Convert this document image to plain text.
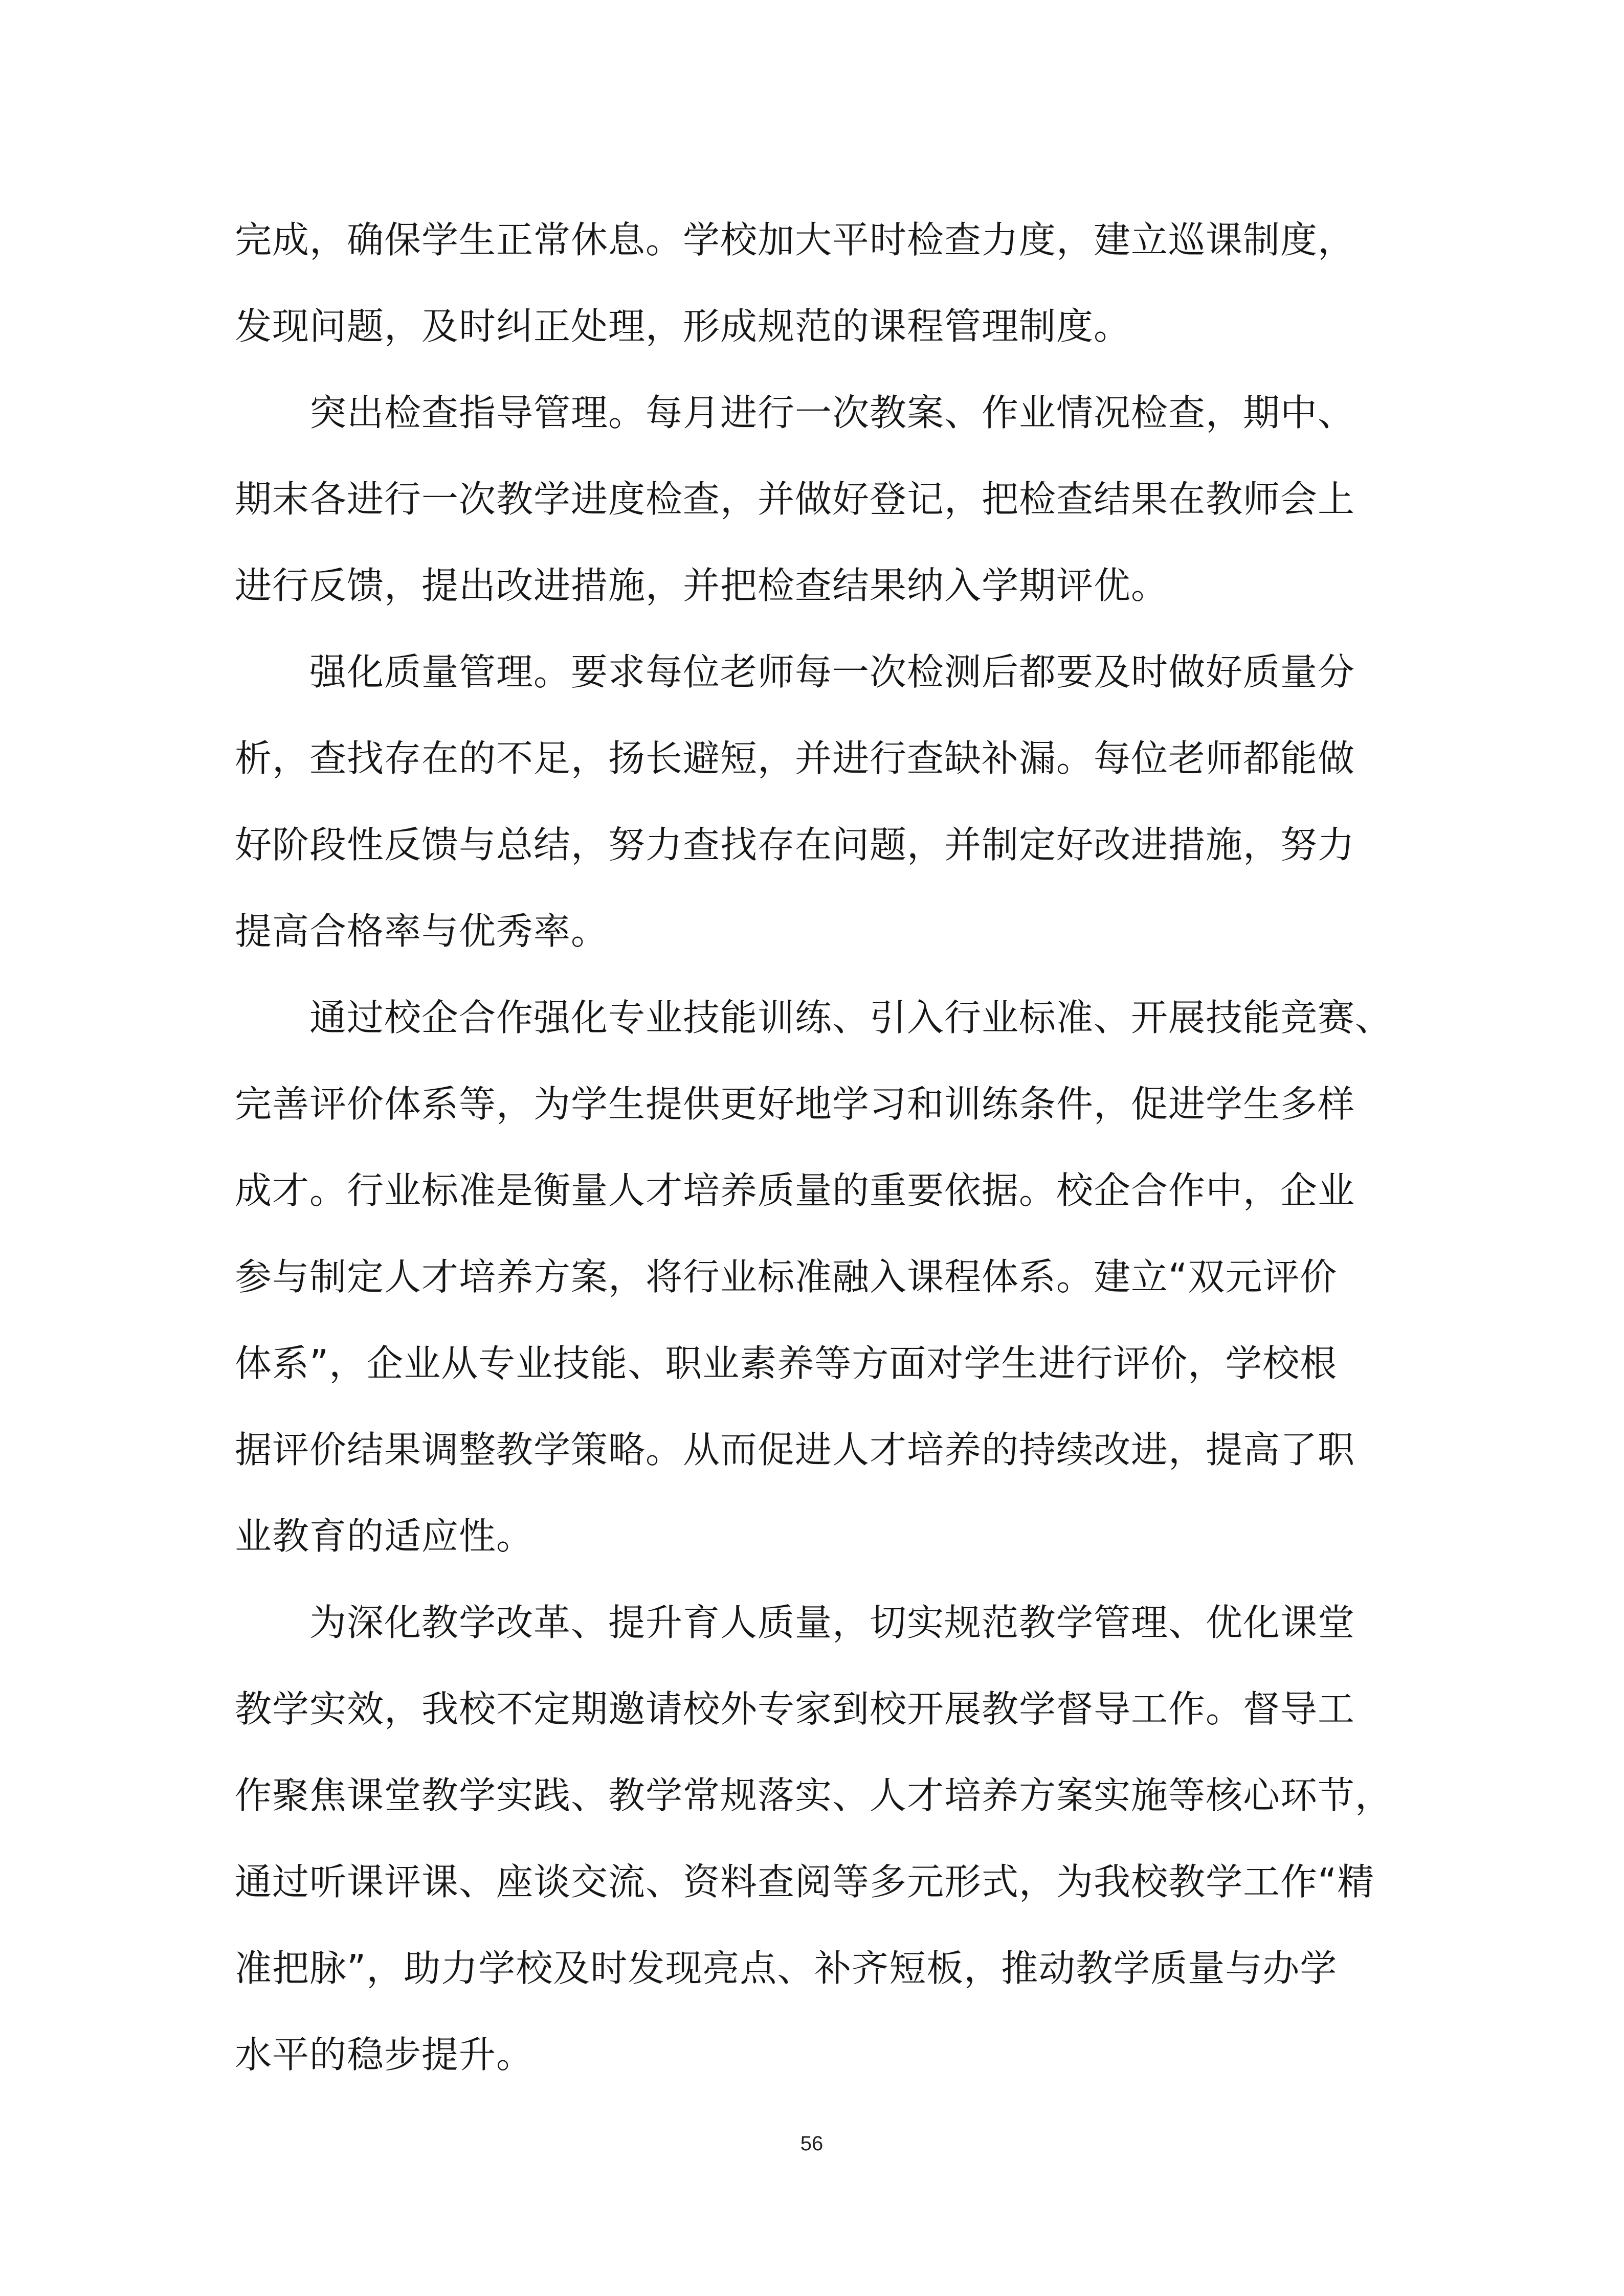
完成，确保学生正常休息。学校加大平时检查力度，建立巡课制度，
发现问题，及时纠正处理，形成规范的课程管理制度。
突出检查指导管理。每月进行一次教案、作业情况检查，期中、
期末各进行一次教学进度检查，并做好登记，把检查结果在教师会上
进行反馈，提出改进措施，并把检查结果纳入学期评优。
强化质量管理。要求每位老师每一次检测后都要及时做好质量分
析，查找存在的不足，扬长避短，并进行查缺补漏。每位老师都能做
好阶段性反馈与总结，努力查找存在问题，并制定好改进措施，努力
提高合格率与优秀率。
通过校企合作强化专业技能训练、引入行业标准、开展技能竞赛、
完善评价体系等，为学生提供更好地学习和训练条件，促进学生多样
成才。行业标准是衡量人才培养质量的重要依据。校企合作中，企业
参与制定人才培养方案，将行业标准融入课程体系。建立“双元评价
体系”，企业从专业技能、职业素养等方面对学生进行评价，学校根
据评价结果调整教学策略。从而促进人才培养的持续改进，提高了职
业教育的适应性。
为深化教学改革、提升育人质量，切实规范教学管理、优化课堂
教学实效，我校不定期邀请校外专家到校开展教学督导工作。督导工
作聚焦课堂教学实践、教学常规落实、人才培养方案实施等核心环节，
通过听课评课、座谈交流、资料查阅等多元形式，为我校教学工作“精
准把脉”，助力学校及时发现亮点、补齐短板，推动教学质量与办学
水平的稳步提升。
56
